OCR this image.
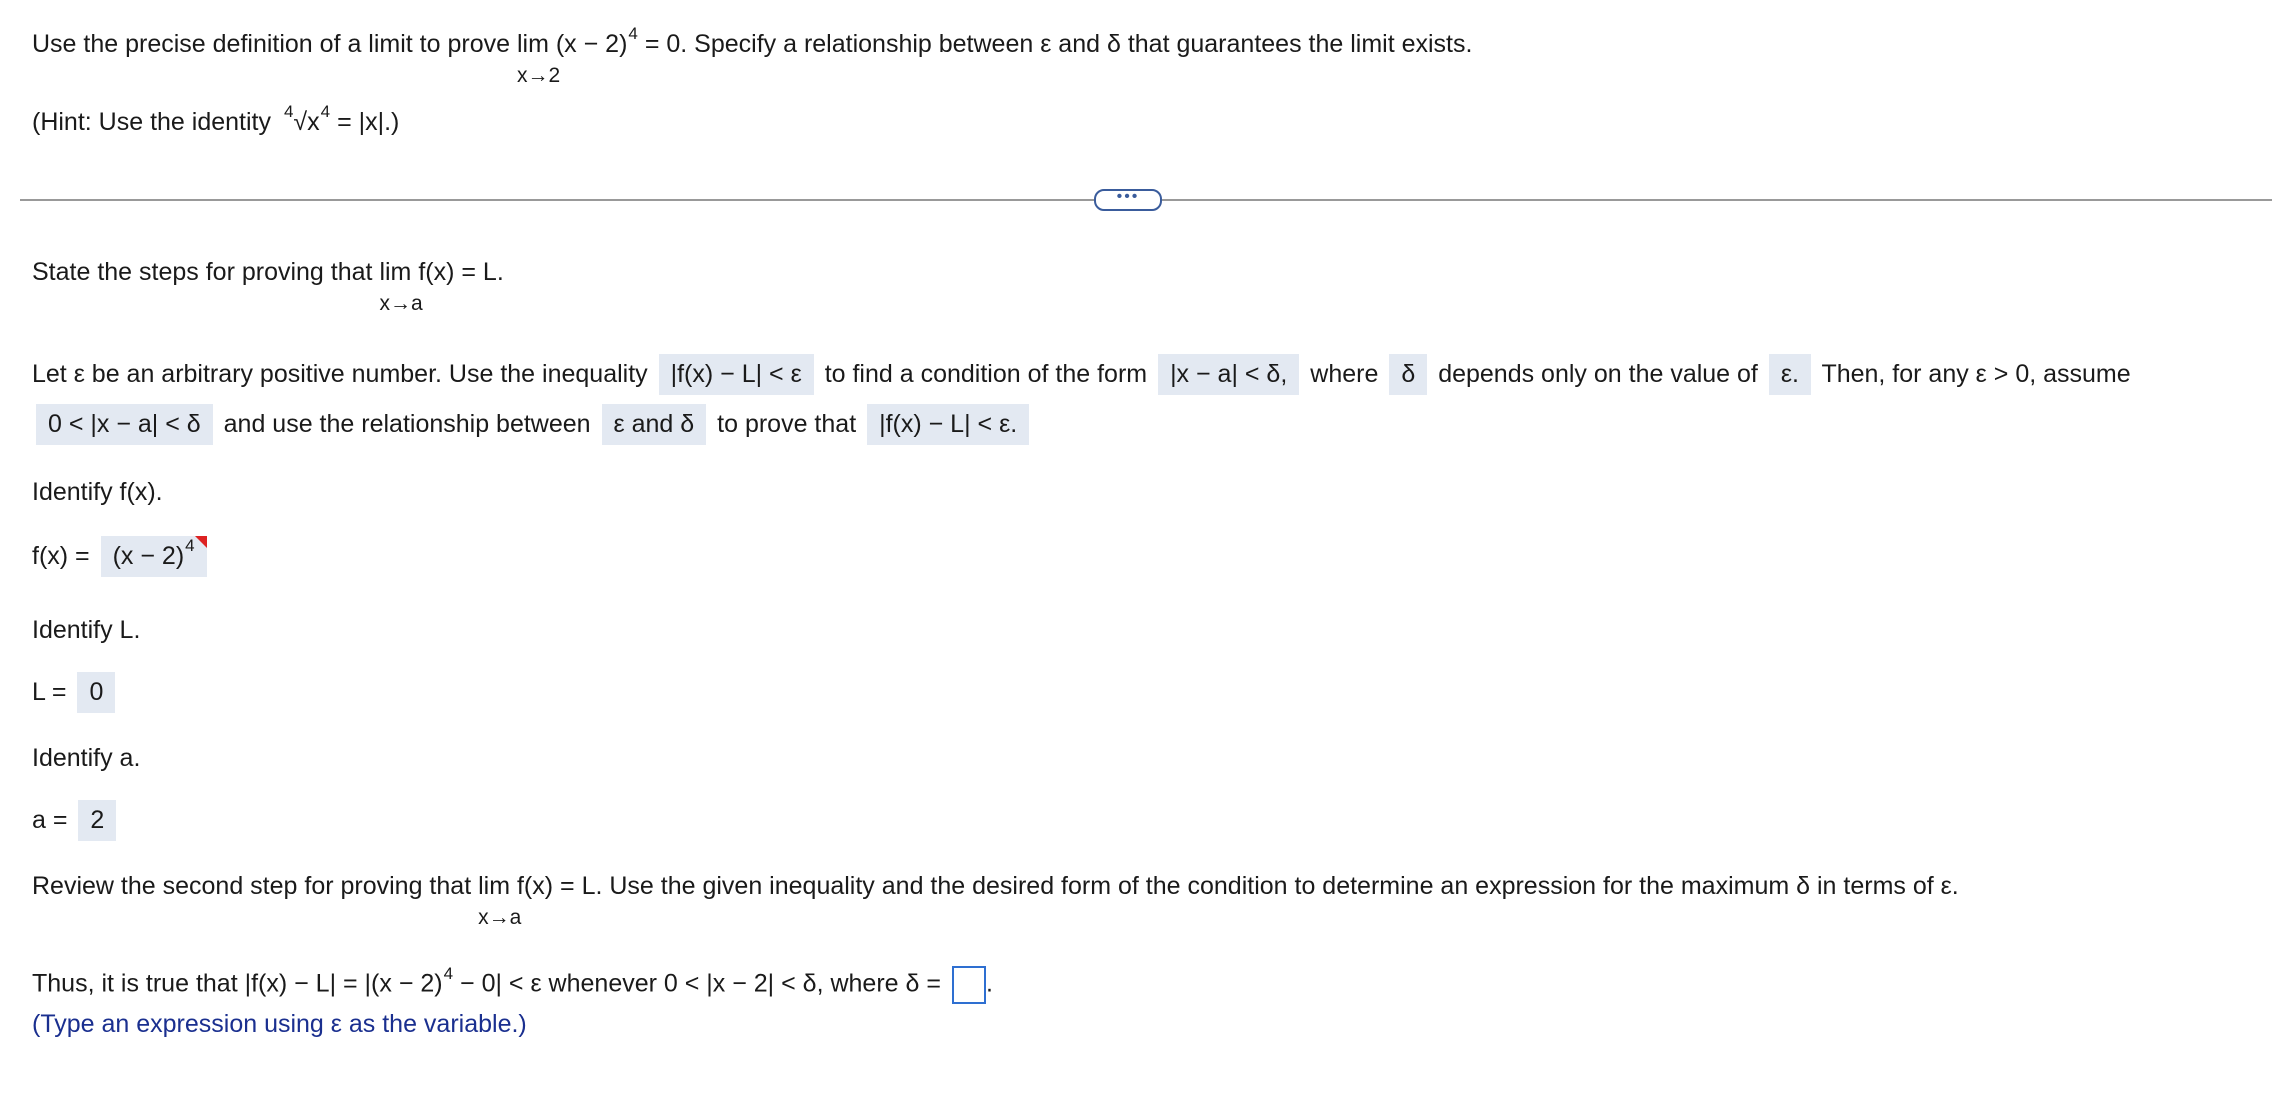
Use the precise definition of a limit to prove lim
x→2
$(x - 2)^4 = 0$. Specify a relationship between ε and δ that guarantees the limit exists.
(Hint: Use the identity $^4√x^4 = |x|$.)
•••
State the steps for proving that lim
x→a
f(x) = L.
Let ε be an arbitrary positive number. Use the inequality |f(x) − L| < ε to find a condition of the form |x − a| < δ, where δ depends only on the value of ε. Then, for any ε > 0, assume
0 < |x − a| < δ and use the relationship between ε and δ to prove that |f(x) − L| < ε.
Identify f(x).
$f(x) = (x - 2)^4$
Identify L.
L = 0
Identify a.
a = 2
Review the second step for proving that lim
x→a
f(x) = L. Use the given inequality and the desired form of the condition to determine an expression for the maximum δ in terms of ε.
Thus, it is true that $|f(x) - L| = |(x - 2)^4 - 0| < \varepsilon$ whenever 0 < |x − 2| < δ, where δ = .
(Type an expression using ε as the variable.)
